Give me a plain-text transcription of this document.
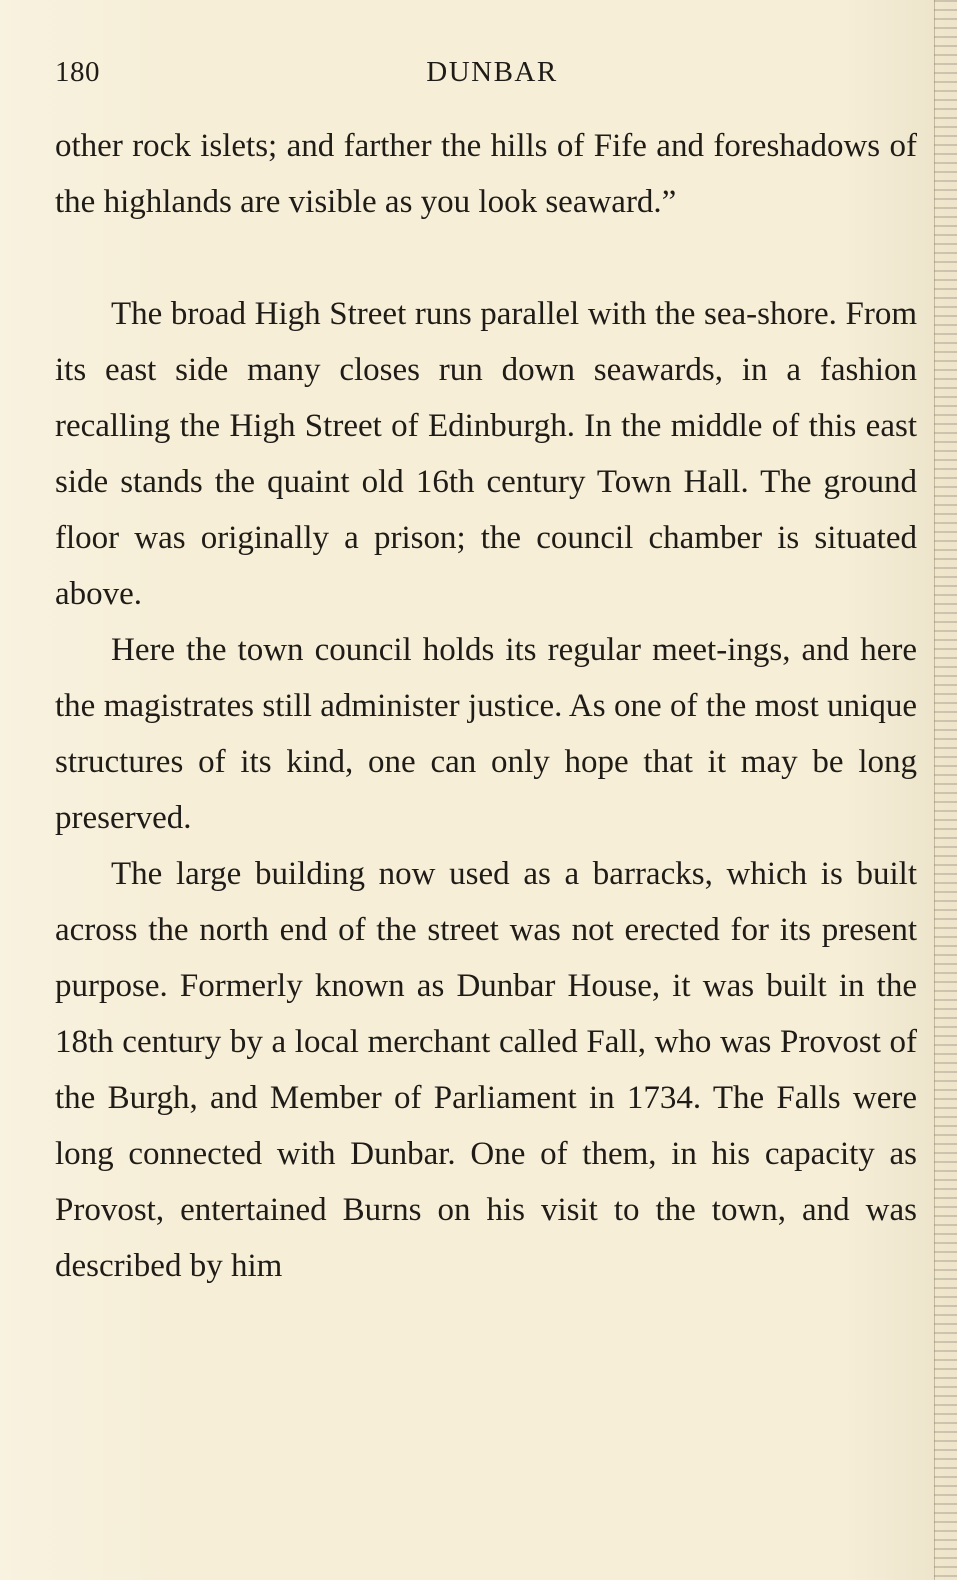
180	DUNBAR

other rock islets; and farther the hills of Fife and foreshadows of the highlands are visible as you look seaward.”

The broad High Street runs parallel with the sea-shore. From its east side many closes run down seawards, in a fashion recalling the High Street of Edinburgh. In the middle of this east side stands the quaint old 16th century Town Hall. The ground floor was originally a prison; the council chamber is situated above.

Here the town council holds its regular meet-ings, and here the magistrates still administer justice. As one of the most unique structures of its kind, one can only hope that it may be long preserved.

The large building now used as a barracks, which is built across the north end of the street was not erected for its present purpose. Formerly known as Dunbar House, it was built in the 18th century by a local merchant called Fall, who was Provost of the Burgh, and Member of Parliament in 1734. The Falls were long connected with Dunbar. One of them, in his capacity as Provost, entertained Burns on his visit to the town, and was described by him
